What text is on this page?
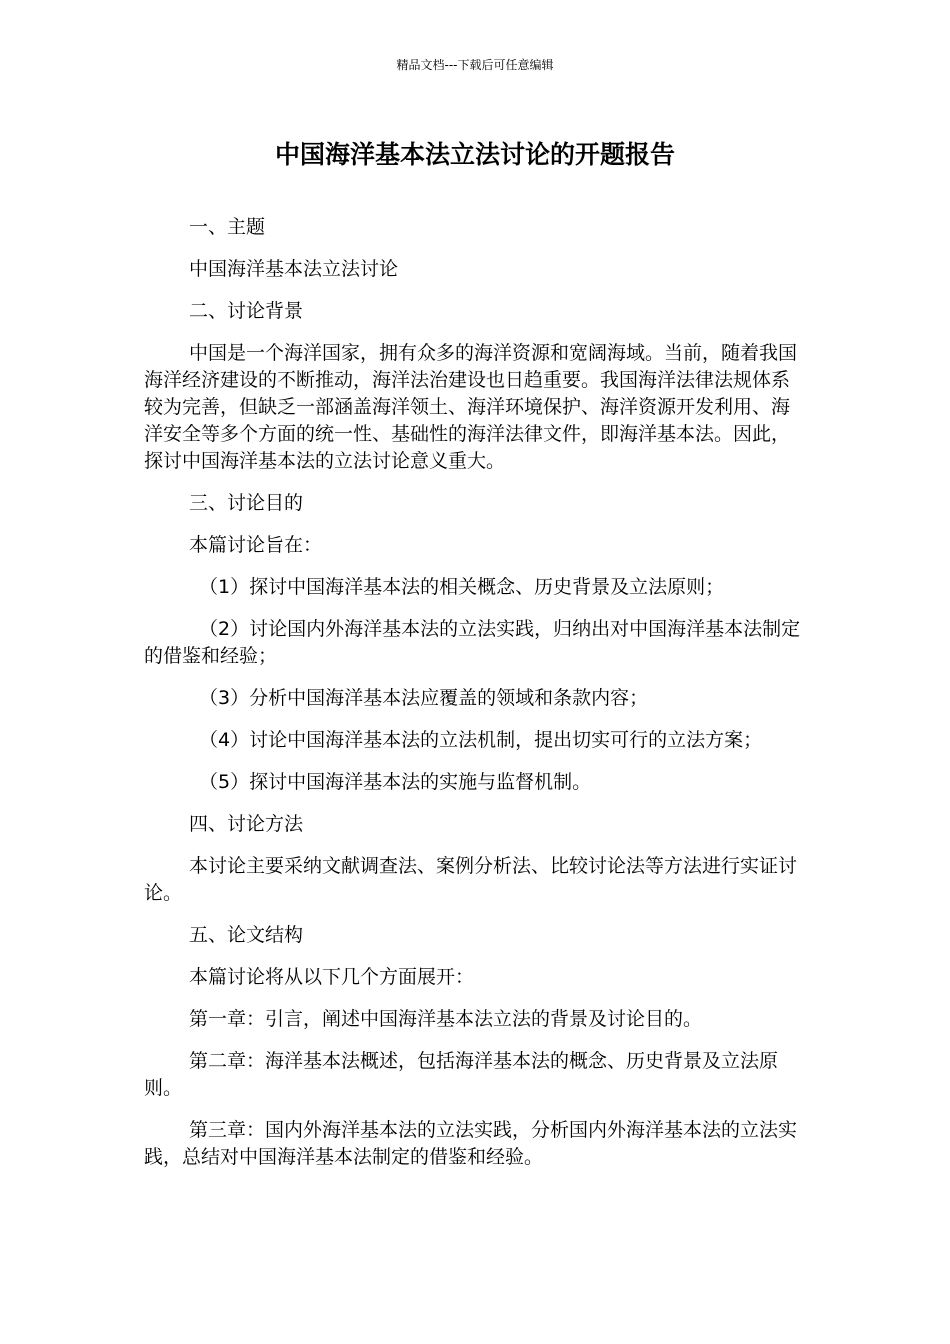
精品文档---下载后可任意编辑
中国海洋基本法立法讨论的开题报告

一、主题

中国海洋基本法立法讨论

二、讨论背景

中国是一个海洋国家，拥有众多的海洋资源和宽阔海域。当前，随着我国海洋经济建设的不断推动，海洋法治建设也日趋重要。我国海洋法律法规体系较为完善，但缺乏一部涵盖海洋领土、海洋环境保护、海洋资源开发利用、海洋安全等多个方面的统一性、基础性的海洋法律文件，即海洋基本法。因此，探讨中国海洋基本法的立法讨论意义重大。

三、讨论目的

本篇讨论旨在：

（1）探讨中国海洋基本法的相关概念、历史背景及立法原则；

（2）讨论国内外海洋基本法的立法实践，归纳出对中国海洋基本法制定的借鉴和经验；

（3）分析中国海洋基本法应覆盖的领域和条款内容；

（4）讨论中国海洋基本法的立法机制，提出切实可行的立法方案；

（5）探讨中国海洋基本法的实施与监督机制。

四、讨论方法

本讨论主要采纳文献调查法、案例分析法、比较讨论法等方法进行实证讨论。

五、论文结构

本篇讨论将从以下几个方面展开：

第一章：引言，阐述中国海洋基本法立法的背景及讨论目的。

第二章：海洋基本法概述，包括海洋基本法的概念、历史背景及立法原则。

第三章：国内外海洋基本法的立法实践，分析国内外海洋基本法的立法实践，总结对中国海洋基本法制定的借鉴和经验。
